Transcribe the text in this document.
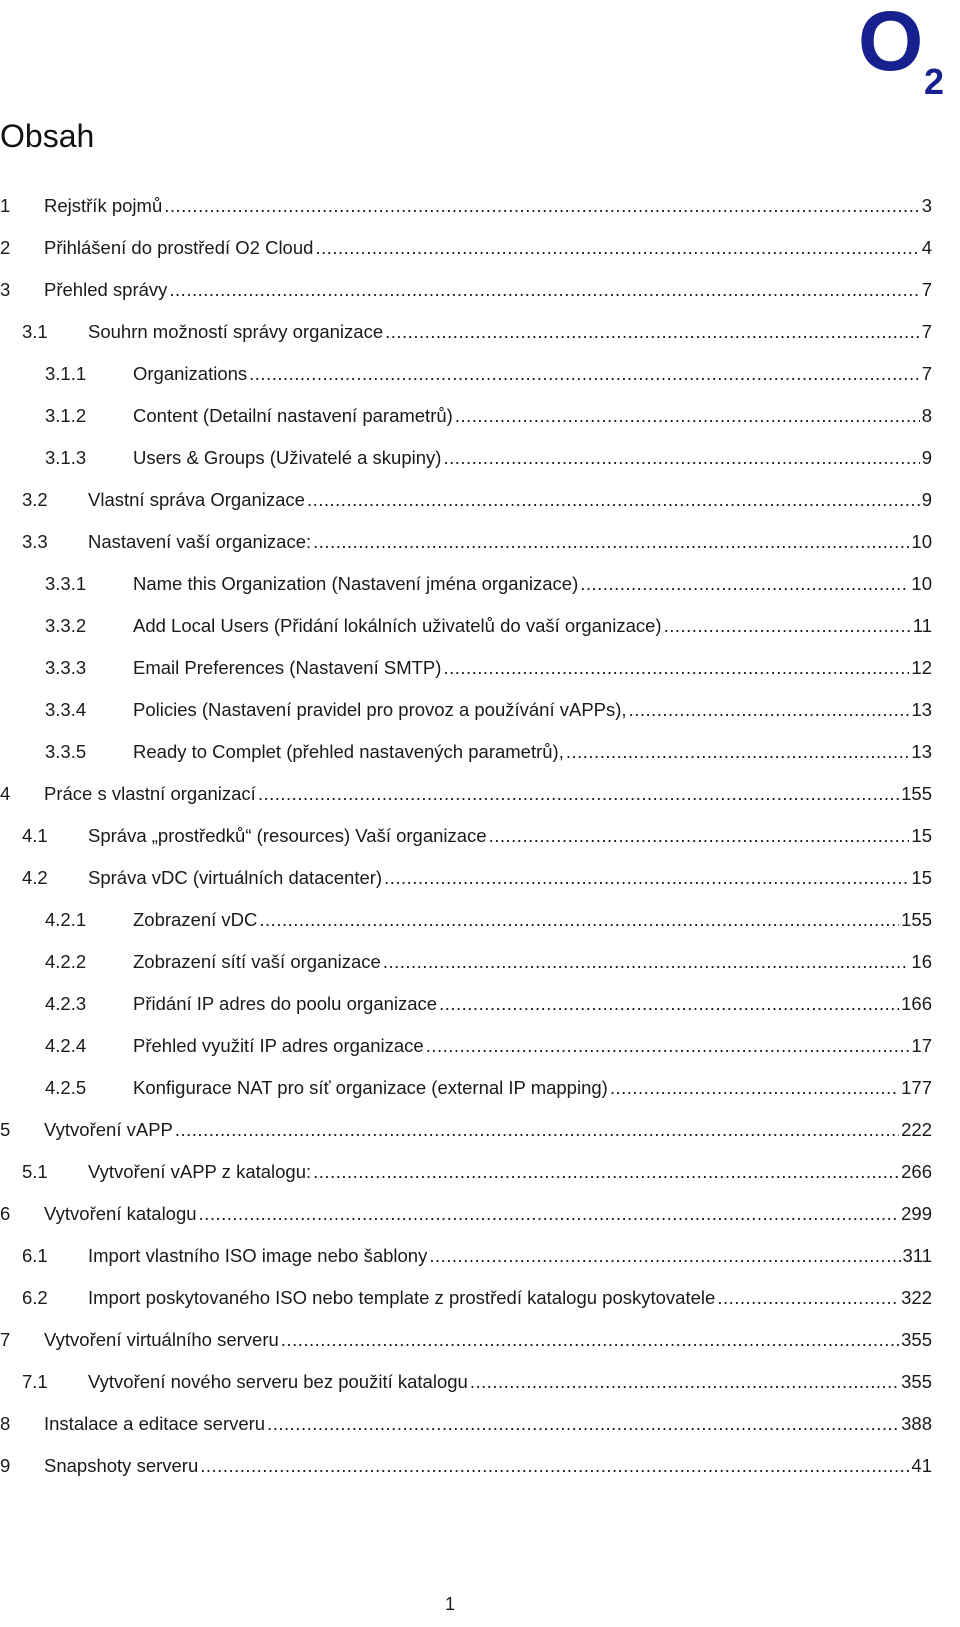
O 2
Obsah
1	Rejstřík pojmů .....	3
2	Přihlášení do prostředí O2 Cloud .....	4
3	Přehled správy .....	7
3.1	Souhrn možností správy organizace .....	7
3.1.1	Organizations .....	7
3.1.2	Content (Detailní nastavení parametrů) .....	8
3.1.3	Users & Groups (Uživatelé a skupiny) .....	9
3.2	Vlastní správa Organizace .....	9
3.3	Nastavení vaší organizace: .....	10
3.3.1	Name this Organization (Nastavení jména organizace) .....	10
3.3.2	Add Local Users (Přidání lokálních uživatelů do vaší organizace) .....	11
3.3.3	Email Preferences (Nastavení SMTP) .....	12
3.3.4	Policies (Nastavení pravidel pro provoz a používání vAPPs), .....	13
3.3.5	Ready to Complet (přehled nastavených parametrů), .....	13
4	Práce s vlastní organizací .....	155
4.1	Správa „prostředků“ (resources) Vaší organizace .....	15
4.2	Správa vDC (virtuálních datacenter) .....	15
4.2.1	Zobrazení vDC .....	155
4.2.2	Zobrazení sítí vaší organizace .....	16
4.2.3	Přidání IP adres do poolu organizace .....	166
4.2.4	Přehled využití IP adres organizace .....	17
4.2.5	Konfigurace NAT pro síť organizace (external IP mapping) .....	177
5	Vytvoření vAPP .....	222
5.1	Vytvoření vAPP z katalogu: .....	266
6	Vytvoření katalogu .....	299
6.1	Import vlastního ISO image nebo šablony .....	311
6.2	Import poskytovaného ISO nebo template z prostředí katalogu poskytovatele .....	322
7	Vytvoření virtuálního serveru .....	355
7.1	Vytvoření nového serveru bez použití katalogu .....	355
8	Instalace a editace serveru .....	388
9	Snapshoty serveru .....	41
1
